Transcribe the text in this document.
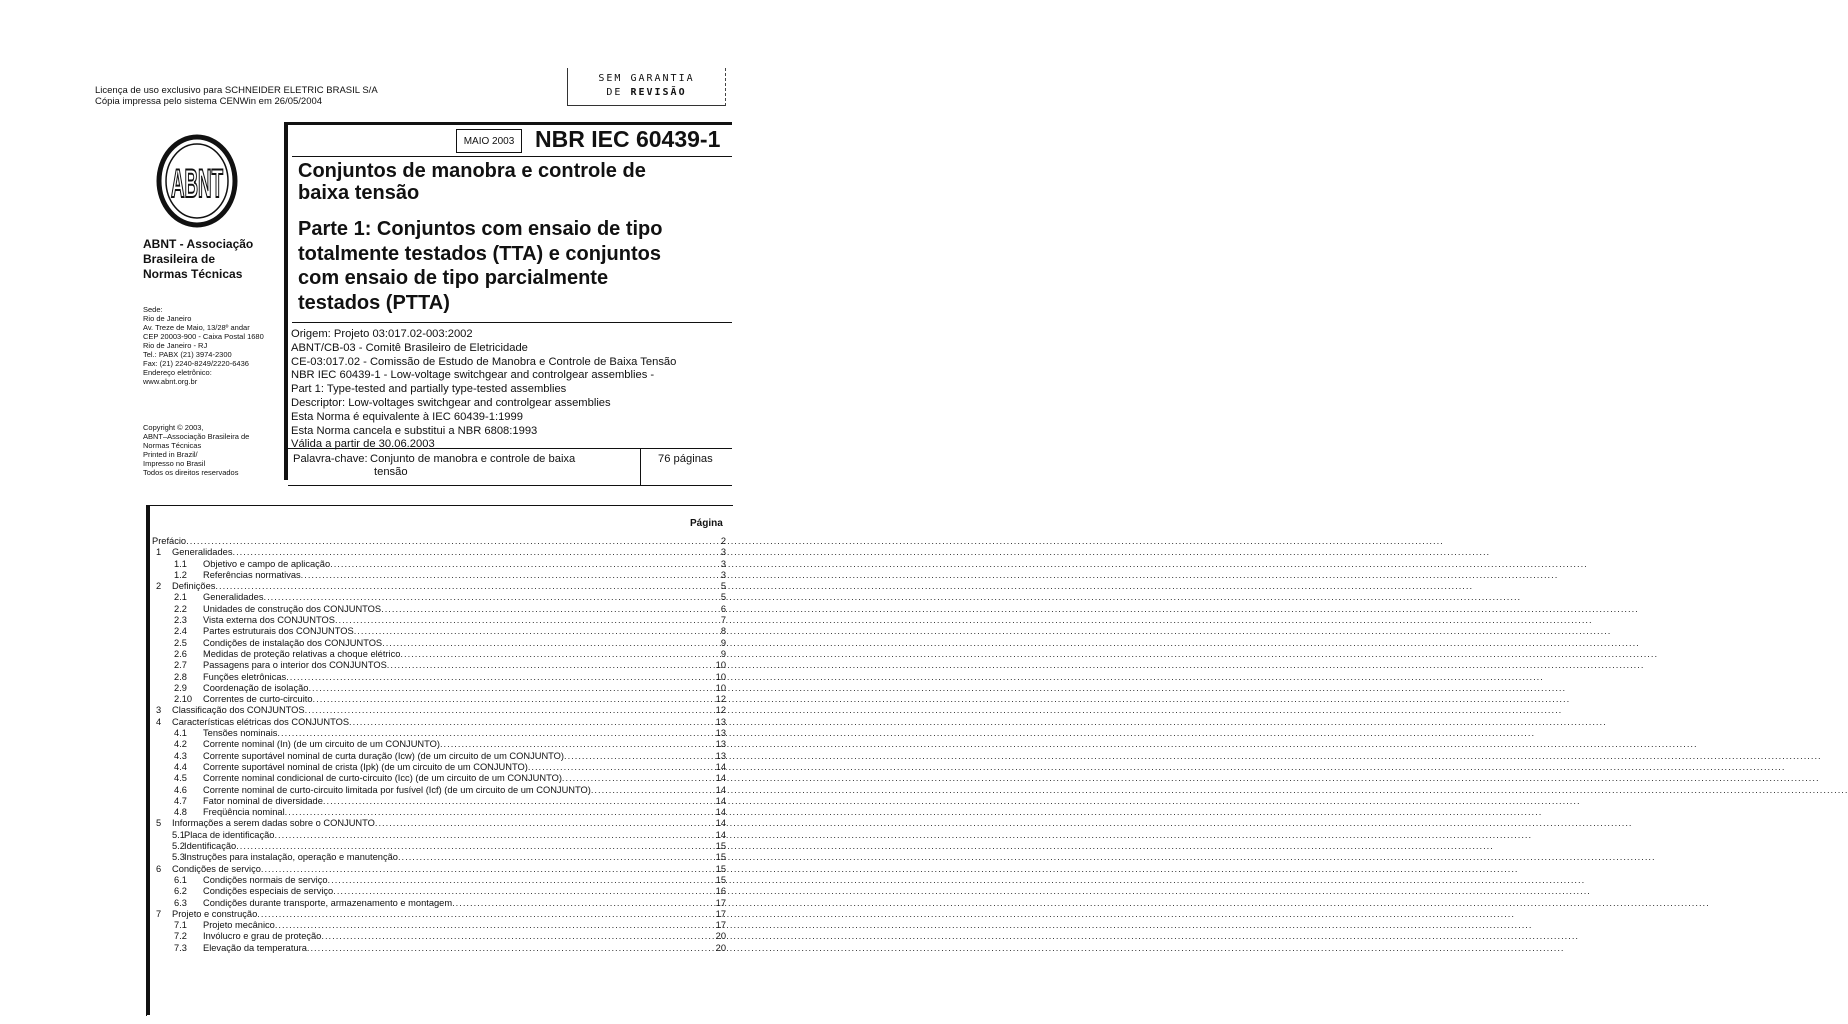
Licença de uso exclusivo para SCHNEIDER ELETRIC BRASIL S/A
Cópia impressa pelo sistema CENWin em 26/05/2004
SEM GARANTIA
DE REVISÃO
ABNT
ABNT - Associação
Brasileira de
Normas Técnicas
Sede:
Rio de Janeiro
Av. Treze de Maio, 13/28º andar
CEP 20003-900 - Caixa Postal 1680
Rio de Janeiro - RJ
Tel.: PABX (21) 3974-2300
Fax: (21) 2240-8249/2220-6436
Endereço eletrônico:
www.abnt.org.br
Copyright © 2003,
ABNT–Associação Brasileira de
Normas Técnicas
Printed in Brazil/
Impresso no Brasil
Todos os direitos reservados
MAIO 2003 NBR IEC 60439-1
Conjuntos de manobra e controle de
baixa tensão
Parte 1: Conjuntos com ensaio de tipo
totalmente testados (TTA) e conjuntos
com ensaio de tipo parcialmente
testados (PTTA)
Origem: Projeto 03:017.02-003:2002
ABNT/CB-03 - Comitê Brasileiro de Eletricidade
CE-03:017.02 - Comissão de Estudo de Manobra e Controle de Baixa Tensão
NBR IEC 60439-1 - Low-voltage switchgear and controlgear assemblies -
Part 1: Type-tested and partially type-tested assemblies
Descriptor: Low-voltages switchgear and controlgear assemblies
Esta Norma é equivalente à IEC 60439-1:1999
Esta Norma cancela e substitui a NBR 6808:1993
Válida a partir de 30.06.2003
Palavra-chave: Conjunto de manobra e controle de baixa
tensão
76 páginas
Página
Prefácio .....	2
1 Generalidades .....	3
1.1 Objetivo e campo de aplicação .....	3
1.2 Referências normativas .....	3
2 Definições .....	5
2.1 Generalidades .....	5
2.2 Unidades de construção dos CONJUNTOS .....	6
2.3 Vista externa dos CONJUNTOS .....	7
2.4 Partes estruturais dos CONJUNTOS .....	8
2.5 Condições de instalação dos CONJUNTOS .....	9
2.6 Medidas de proteção relativas a choque elétrico .....	9
2.7 Passagens para o interior dos CONJUNTOS .....	10
2.8 Funções eletrônicas .....	10
2.9 Coordenação de isolação .....	10
2.10 Correntes de curto-circuito .....	12
3 Classificação dos CONJUNTOS .....	12
4 Características elétricas dos CONJUNTOS .....	13
4.1 Tensões nominais .....	13
4.2 Corrente nominal (In) (de um circuito de um CONJUNTO) .....	13
4.3 Corrente suportável nominal de curta duração (Icw) (de um circuito de um CONJUNTO) .....	13
4.4 Corrente suportável nominal de crista (Ipk) (de um circuito de um CONJUNTO) .....	14
4.5 Corrente nominal condicional de curto-circuito (Icc) (de um circuito de um CONJUNTO) .....	14
4.6 Corrente nominal de curto-circuito limitada por fusível (Icf) (de um circuito de um CONJUNTO) .....	14
4.7 Fator nominal de diversidade .....	14
4.8 Freqüência nominal .....	14
5 Informações a serem dadas sobre o CONJUNTO .....	14
5.1 Placa de identificação .....	14
5.2 Identificação .....	15
5.3 Instruções para instalação, operação e manutenção .....	15
6 Condições de serviço .....	15
6.1 Condições normais de serviço .....	15
6.2 Condições especiais de serviço .....	16
6.3 Condições durante transporte, armazenamento e montagem .....	17
7 Projeto e construção .....	17
7.1 Projeto mecânico .....	17
7.2 Invólucro e grau de proteção .....	20
7.3 Elevação da temperatura .....	20
